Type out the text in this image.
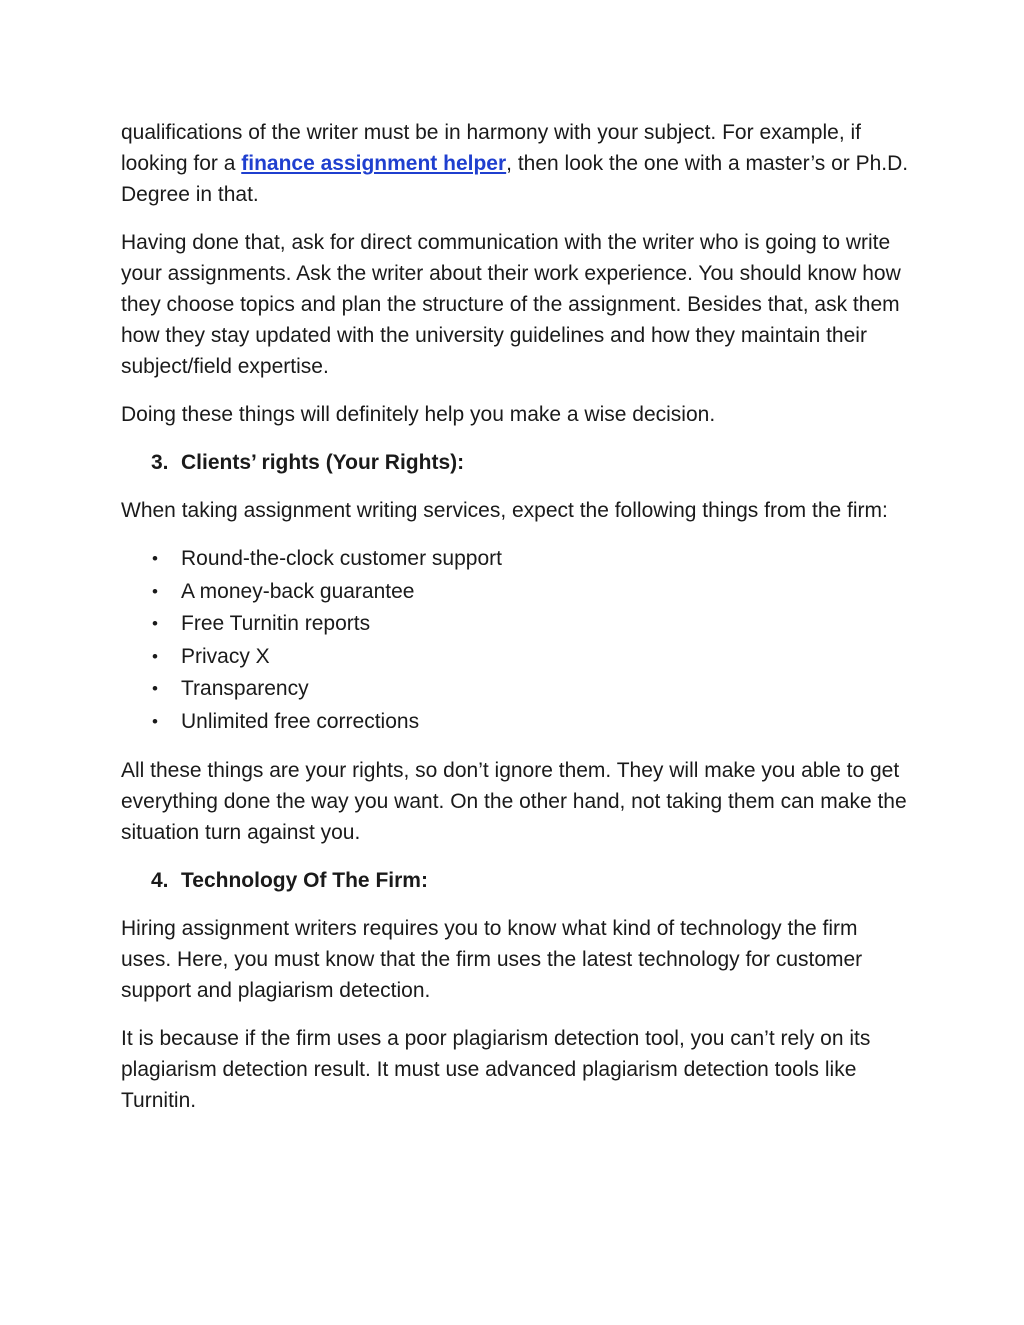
qualifications of the writer must be in harmony with your subject. For example, if looking for a finance assignment helper, then look the one with a master’s or Ph.D. Degree in that.

Having done that, ask for direct communication with the writer who is going to write your assignments. Ask the writer about their work experience. You should know how they choose topics and plan the structure of the assignment. Besides that, ask them how they stay updated with the university guidelines and how they maintain their subject/field expertise.

Doing these things will definitely help you make a wise decision.

3. Clients’ rights (Your Rights):

When taking assignment writing services, expect the following things from the firm:

•	Round-the-clock customer support
•	A money-back guarantee
•	Free Turnitin reports
•	Privacy X
•	Transparency
•	Unlimited free corrections

All these things are your rights, so don’t ignore them. They will make you able to get everything done the way you want. On the other hand, not taking them can make the situation turn against you.

4. Technology Of The Firm:

Hiring assignment writers requires you to know what kind of technology the firm uses. Here, you must know that the firm uses the latest technology for customer support and plagiarism detection.

It is because if the firm uses a poor plagiarism detection tool, you can’t rely on its plagiarism detection result. It must use advanced plagiarism detection tools like Turnitin.
